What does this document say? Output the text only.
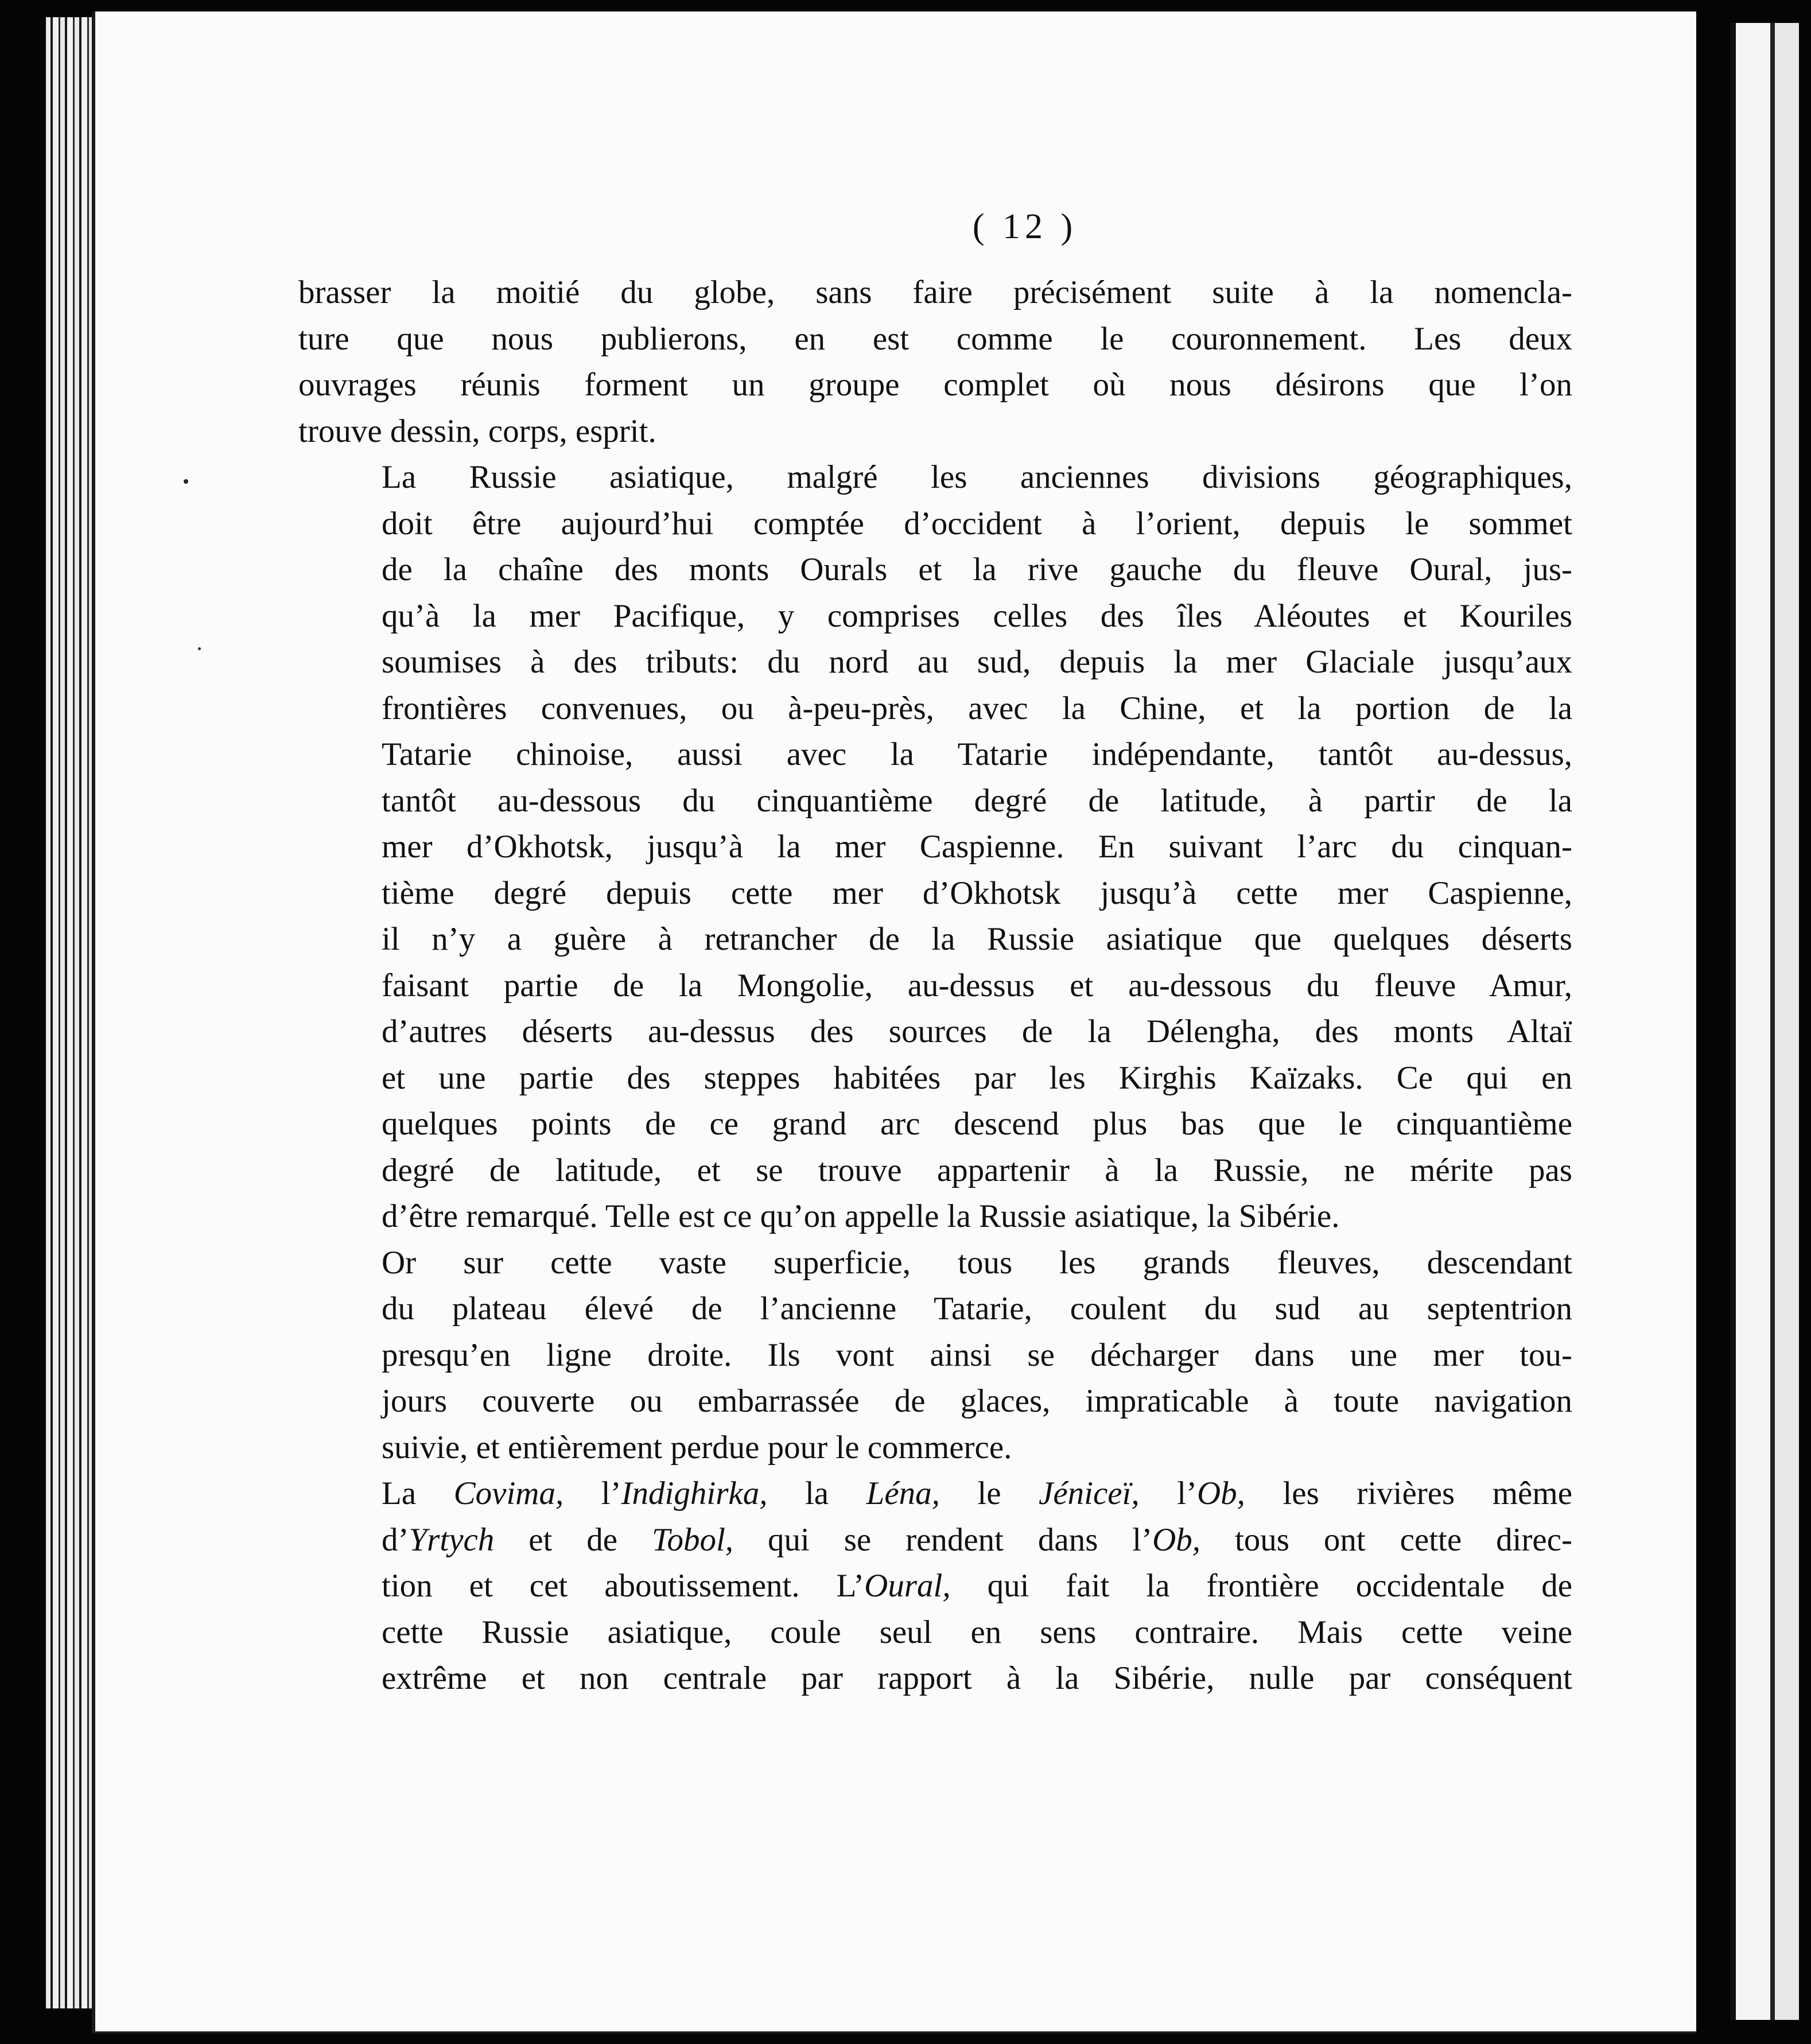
( 12 )
brasser la moitié du globe, sans faire précisément suite à la nomencla-
ture que nous publierons, en est comme le couronnement. Les deux
ouvrages réunis forment un groupe complet où nous désirons que l’on
trouve dessin, corps, esprit.
La Russie asiatique, malgré les anciennes divisions géographiques,
doit être aujourd’hui comptée d’occident à l’orient, depuis le sommet
de la chaîne des monts Ourals et la rive gauche du fleuve Oural, jus-
qu’à la mer Pacifique, y comprises celles des îles Aléoutes et Kouriles
soumises à des tributs: du nord au sud, depuis la mer Glaciale jusqu’aux
frontières convenues, ou à-peu-près, avec la Chine, et la portion de la
Tatarie chinoise, aussi avec la Tatarie indépendante, tantôt au-dessus,
tantôt au-dessous du cinquantième degré de latitude, à partir de la
mer d’Okhotsk, jusqu’à la mer Caspienne. En suivant l’arc du cinquan-
tième degré depuis cette mer d’Okhotsk jusqu’à cette mer Caspienne,
il n’y a guère à retrancher de la Russie asiatique que quelques déserts
faisant partie de la Mongolie, au-dessus et au-dessous du fleuve Amur,
d’autres déserts au-dessus des sources de la Délengha, des monts Altaï
et une partie des steppes habitées par les Kirghis Kaïzaks. Ce qui en
quelques points de ce grand arc descend plus bas que le cinquantième
degré de latitude, et se trouve appartenir à la Russie, ne mérite pas
d’être remarqué. Telle est ce qu’on appelle la Russie asiatique, la Sibérie.
Or sur cette vaste superficie, tous les grands fleuves, descendant
du plateau élevé de l’ancienne Tatarie, coulent du sud au septentrion
presqu’en ligne droite. Ils vont ainsi se décharger dans une mer tou-
jours couverte ou embarrassée de glaces, impraticable à toute navigation
suivie, et entièrement perdue pour le commerce.
La Covima, l’Indighirka, la Léna, le Jéniceï, l’Ob, les rivières même
d’Yrtych et de Tobol, qui se rendent dans l’Ob, tous ont cette direc-
tion et cet aboutissement. L’Oural, qui fait la frontière occidentale de
cette Russie asiatique, coule seul en sens contraire. Mais cette veine
extrême et non centrale par rapport à la Sibérie, nulle par conséquent
